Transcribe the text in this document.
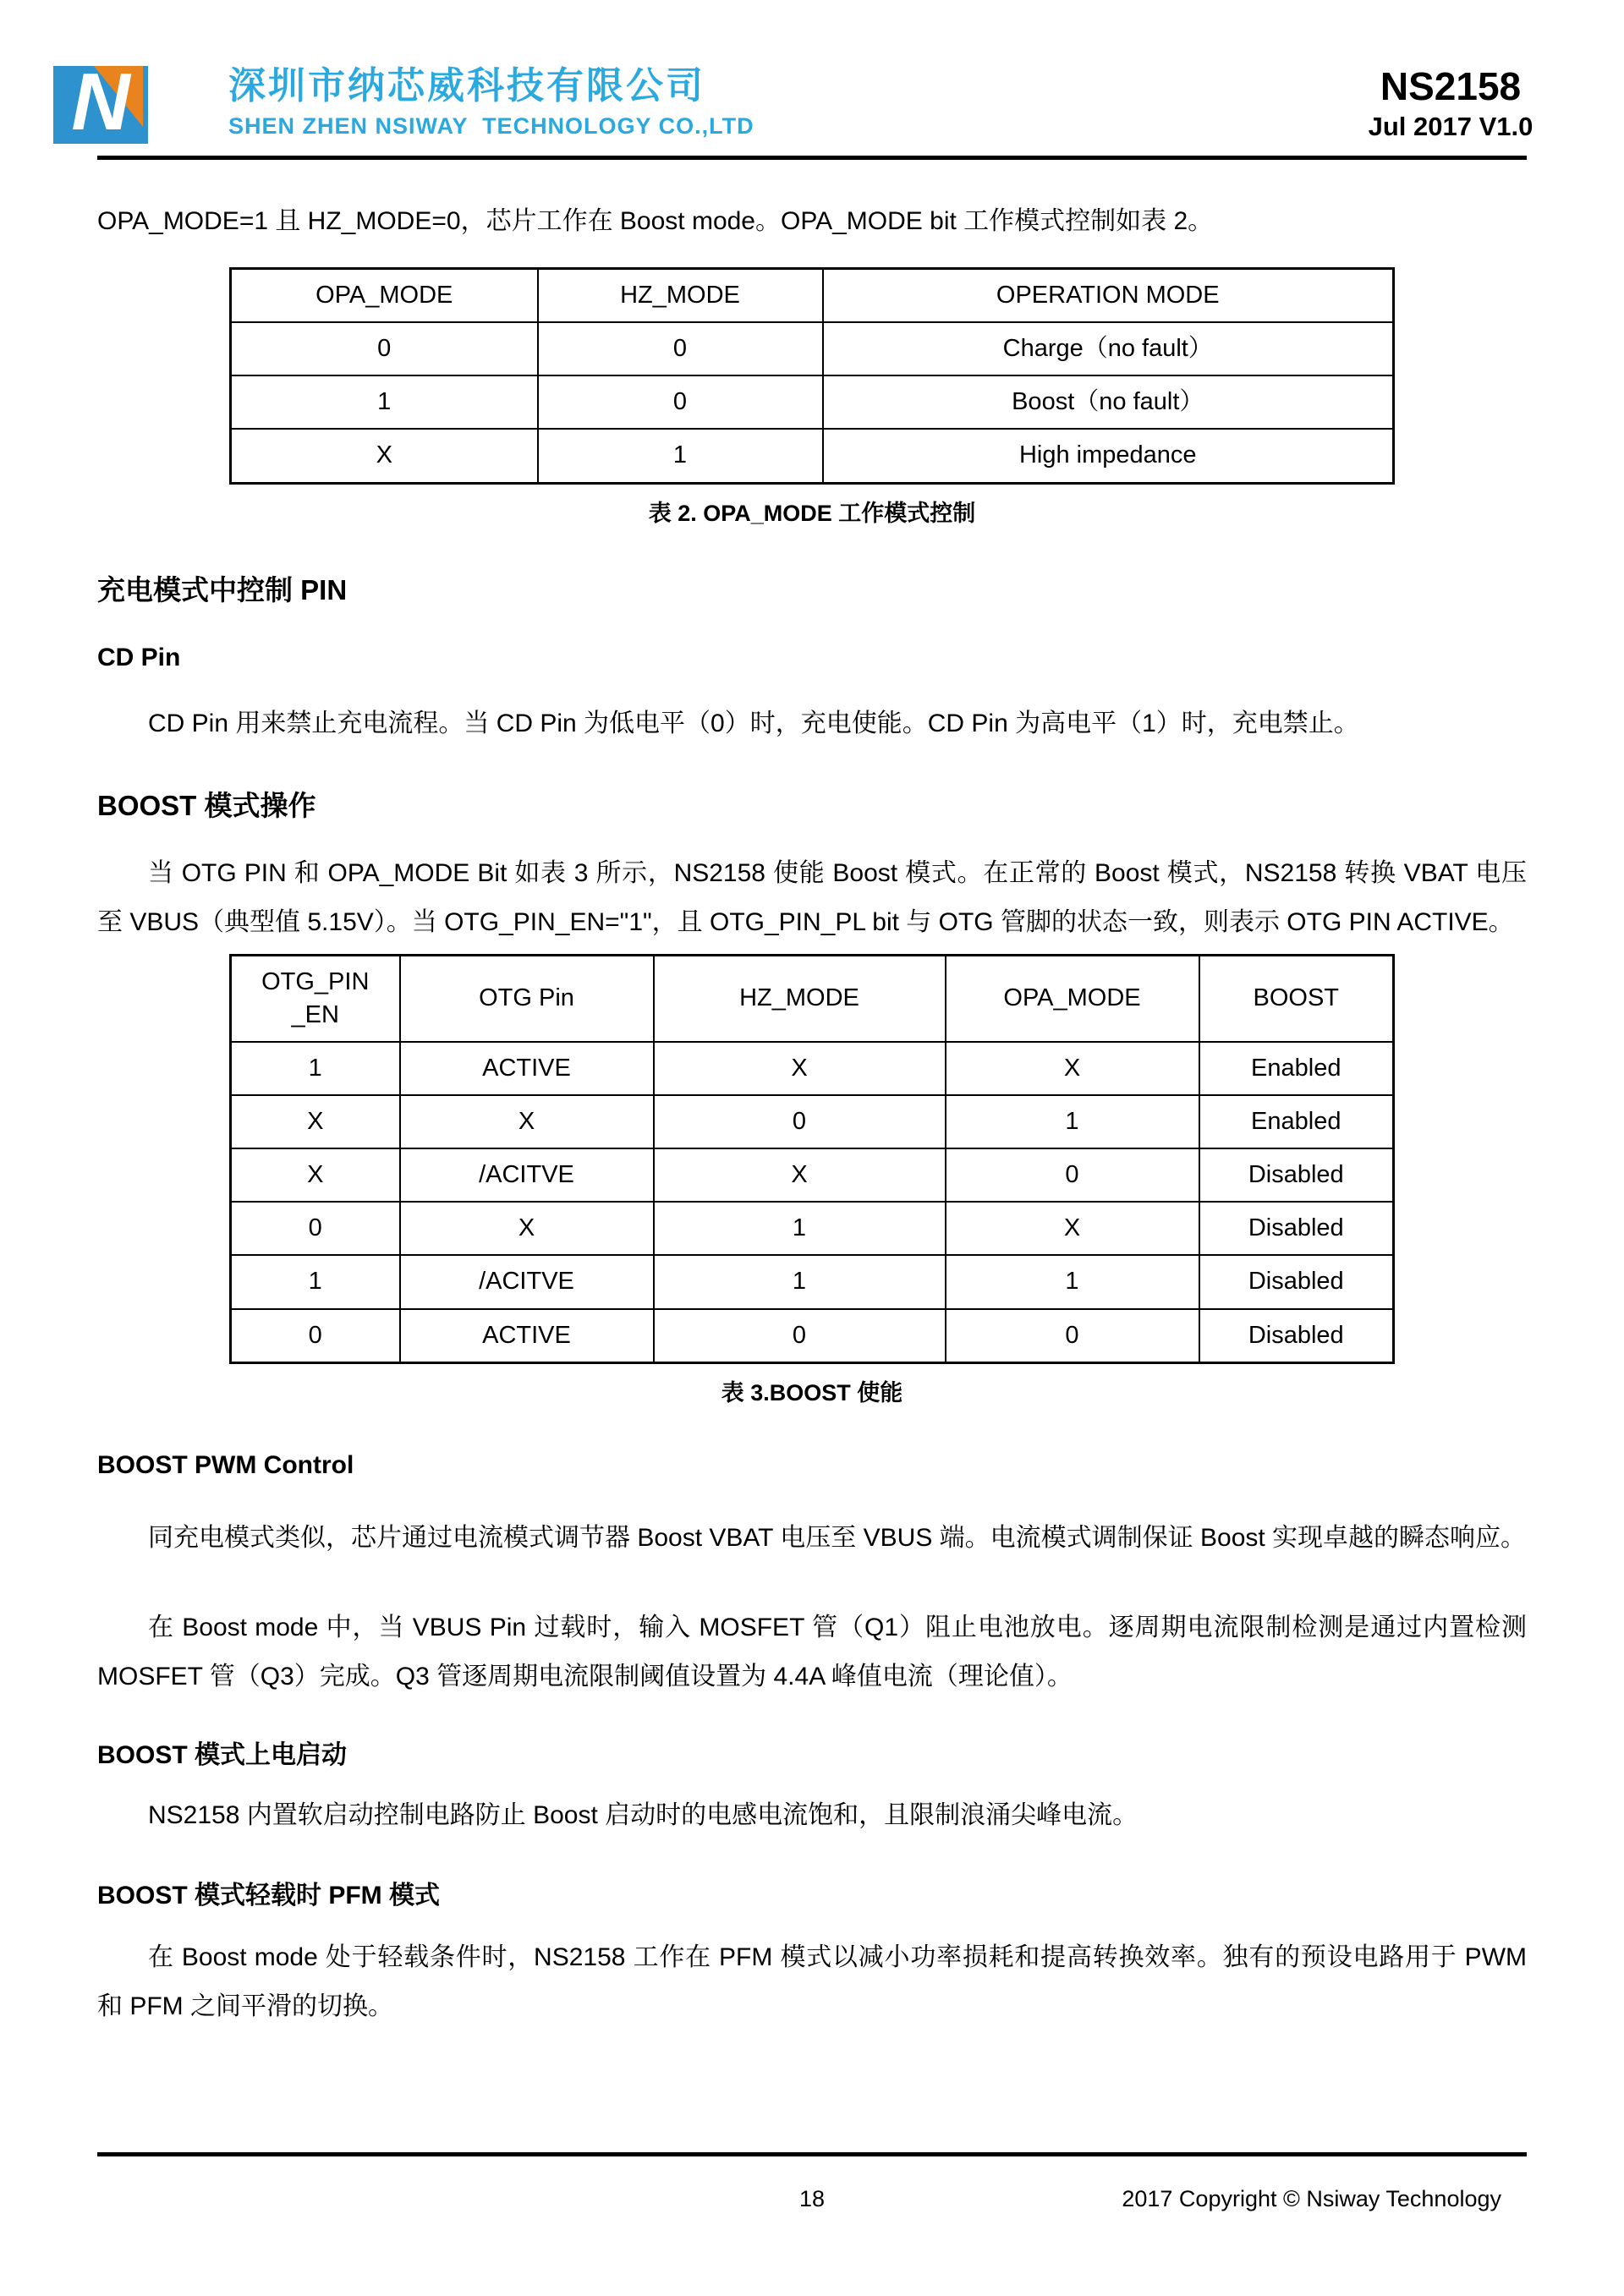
N	深圳市纳芯威科技有限公司
SHEN ZHEN NSIWAY  TECHNOLOGY CO.,LTD
NS2158
Jul 2017 V1.0

OPA_MODE=1 且 HZ_MODE=0，芯片工作在 Boost mode。OPA_MODE bit 工作模式控制如表 2。

OPA_MODE	HZ_MODE	OPERATION MODE
0	0	Charge（no fault）
1	0	Boost（no fault）
X	1	High impedance
表 2. OPA_MODE 工作模式控制
充电模式中控制 PIN
CD Pin

CD Pin 用来禁止充电流程。当 CD Pin 为低电平（0）时，充电使能。CD Pin 为高电平（1）时，充电禁止。

BOOST 模式操作

当 OTG PIN 和 OPA_MODE Bit 如表 3 所示，NS2158 使能 Boost 模式。在正常的 Boost 模式，NS2158 转换 VBAT 电压至 VBUS（典型值 5.15V）。当 OTG_PIN_EN="1"，且 OTG_PIN_PL bit 与 OTG 管脚的状态一致，则表示 OTG PIN ACTIVE。

OTG_PIN _EN	OTG Pin	HZ_MODE	OPA_MODE	BOOST
1	ACTIVE	X	X	Enabled
X	X	0	1	Enabled
X	/ACITVE	X	0	Disabled
0	X	1	X	Disabled
1	/ACITVE	1	1	Disabled
0	ACTIVE	0	0	Disabled
表 3.BOOST 使能
BOOST PWM Control

同充电模式类似，芯片通过电流模式调节器 Boost VBAT 电压至 VBUS 端。电流模式调制保证 Boost 实现卓越的瞬态响应。

在 Boost mode 中，当 VBUS Pin 过载时，输入 MOSFET 管（Q1）阻止电池放电。逐周期电流限制检测是通过内置检测 MOSFET 管（Q3）完成。Q3 管逐周期电流限制阈值设置为 4.4A 峰值电流（理论值）。

BOOST 模式上电启动

NS2158 内置软启动控制电路防止 Boost 启动时的电感电流饱和，且限制浪涌尖峰电流。

BOOST 模式轻载时 PFM 模式

在 Boost mode 处于轻载条件时，NS2158 工作在 PFM 模式以减小功率损耗和提高转换效率。独有的预设电路用于 PWM 和 PFM 之间平滑的切换。

18	2017 Copyright © Nsiway Technology
